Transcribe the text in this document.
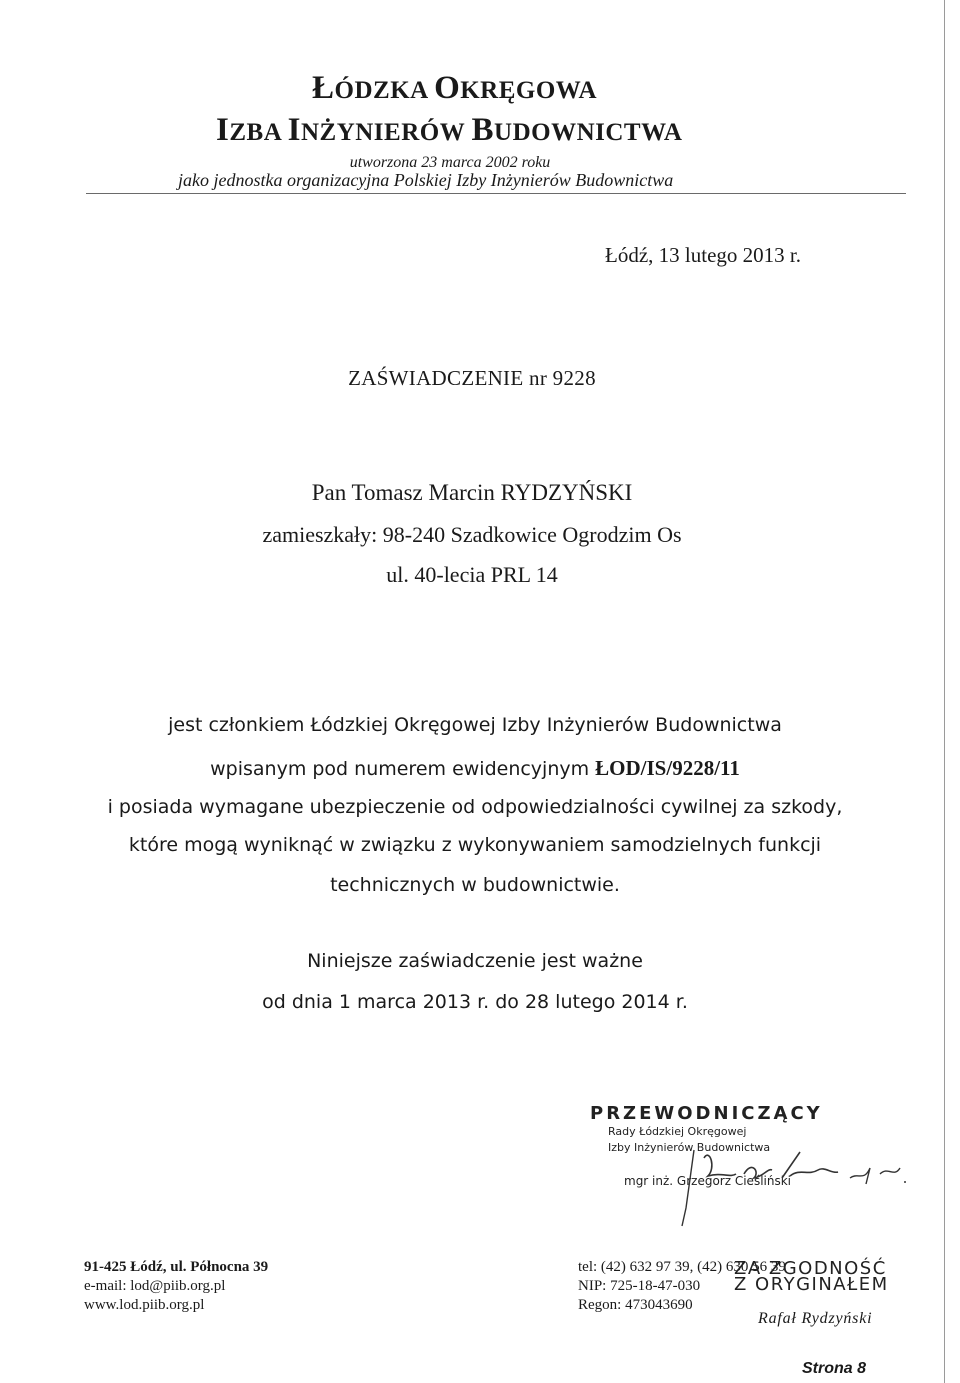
ŁÓDZKA OKRĘGOWA
IZBA INŻYNIERÓW BUDOWNICTWA
utworzona 23 marca 2002 roku
jako jednostka organizacyjna Polskiej Izby Inżynierów Budownictwa
Łódź, 13 lutego 2013 r.
ZAŚWIADCZENIE nr 9228
Pan Tomasz Marcin RYDZYŃSKI
zamieszkały: 98-240 Szadkowice Ogrodzim Os
ul. 40-lecia PRL 14
jest członkiem Łódzkiej Okręgowej Izby Inżynierów Budownictwa
wpisanym pod numerem ewidencyjnym ŁOD/IS/9228/11
i posiada wymagane ubezpieczenie od odpowiedzialności cywilnej za szkody,
które mogą wyniknąć w związku z wykonywaniem samodzielnych funkcji
technicznych w budownictwie.
Niniejsze zaświadczenie jest ważne
od dnia 1 marca 2013 r. do 28 lutego 2014 r.
PRZEWODNICZĄCY
Rady Łódzkiej Okręgowej
Izby Inżynierów Budownictwa
mgr inż. Grzegorz Cieśliński
91-425 Łódź, ul. Północna 39
e-mail: lod@piib.org.pl
www.lod.piib.org.pl
tel: (42) 632 97 39, (42) 630 56 39
NIP: 725-18-47-030
Regon: 473043690
ZA ZGODNOŚĆ
Z ORYGINAŁEM
Rafał Rydzyński
Strona 8
